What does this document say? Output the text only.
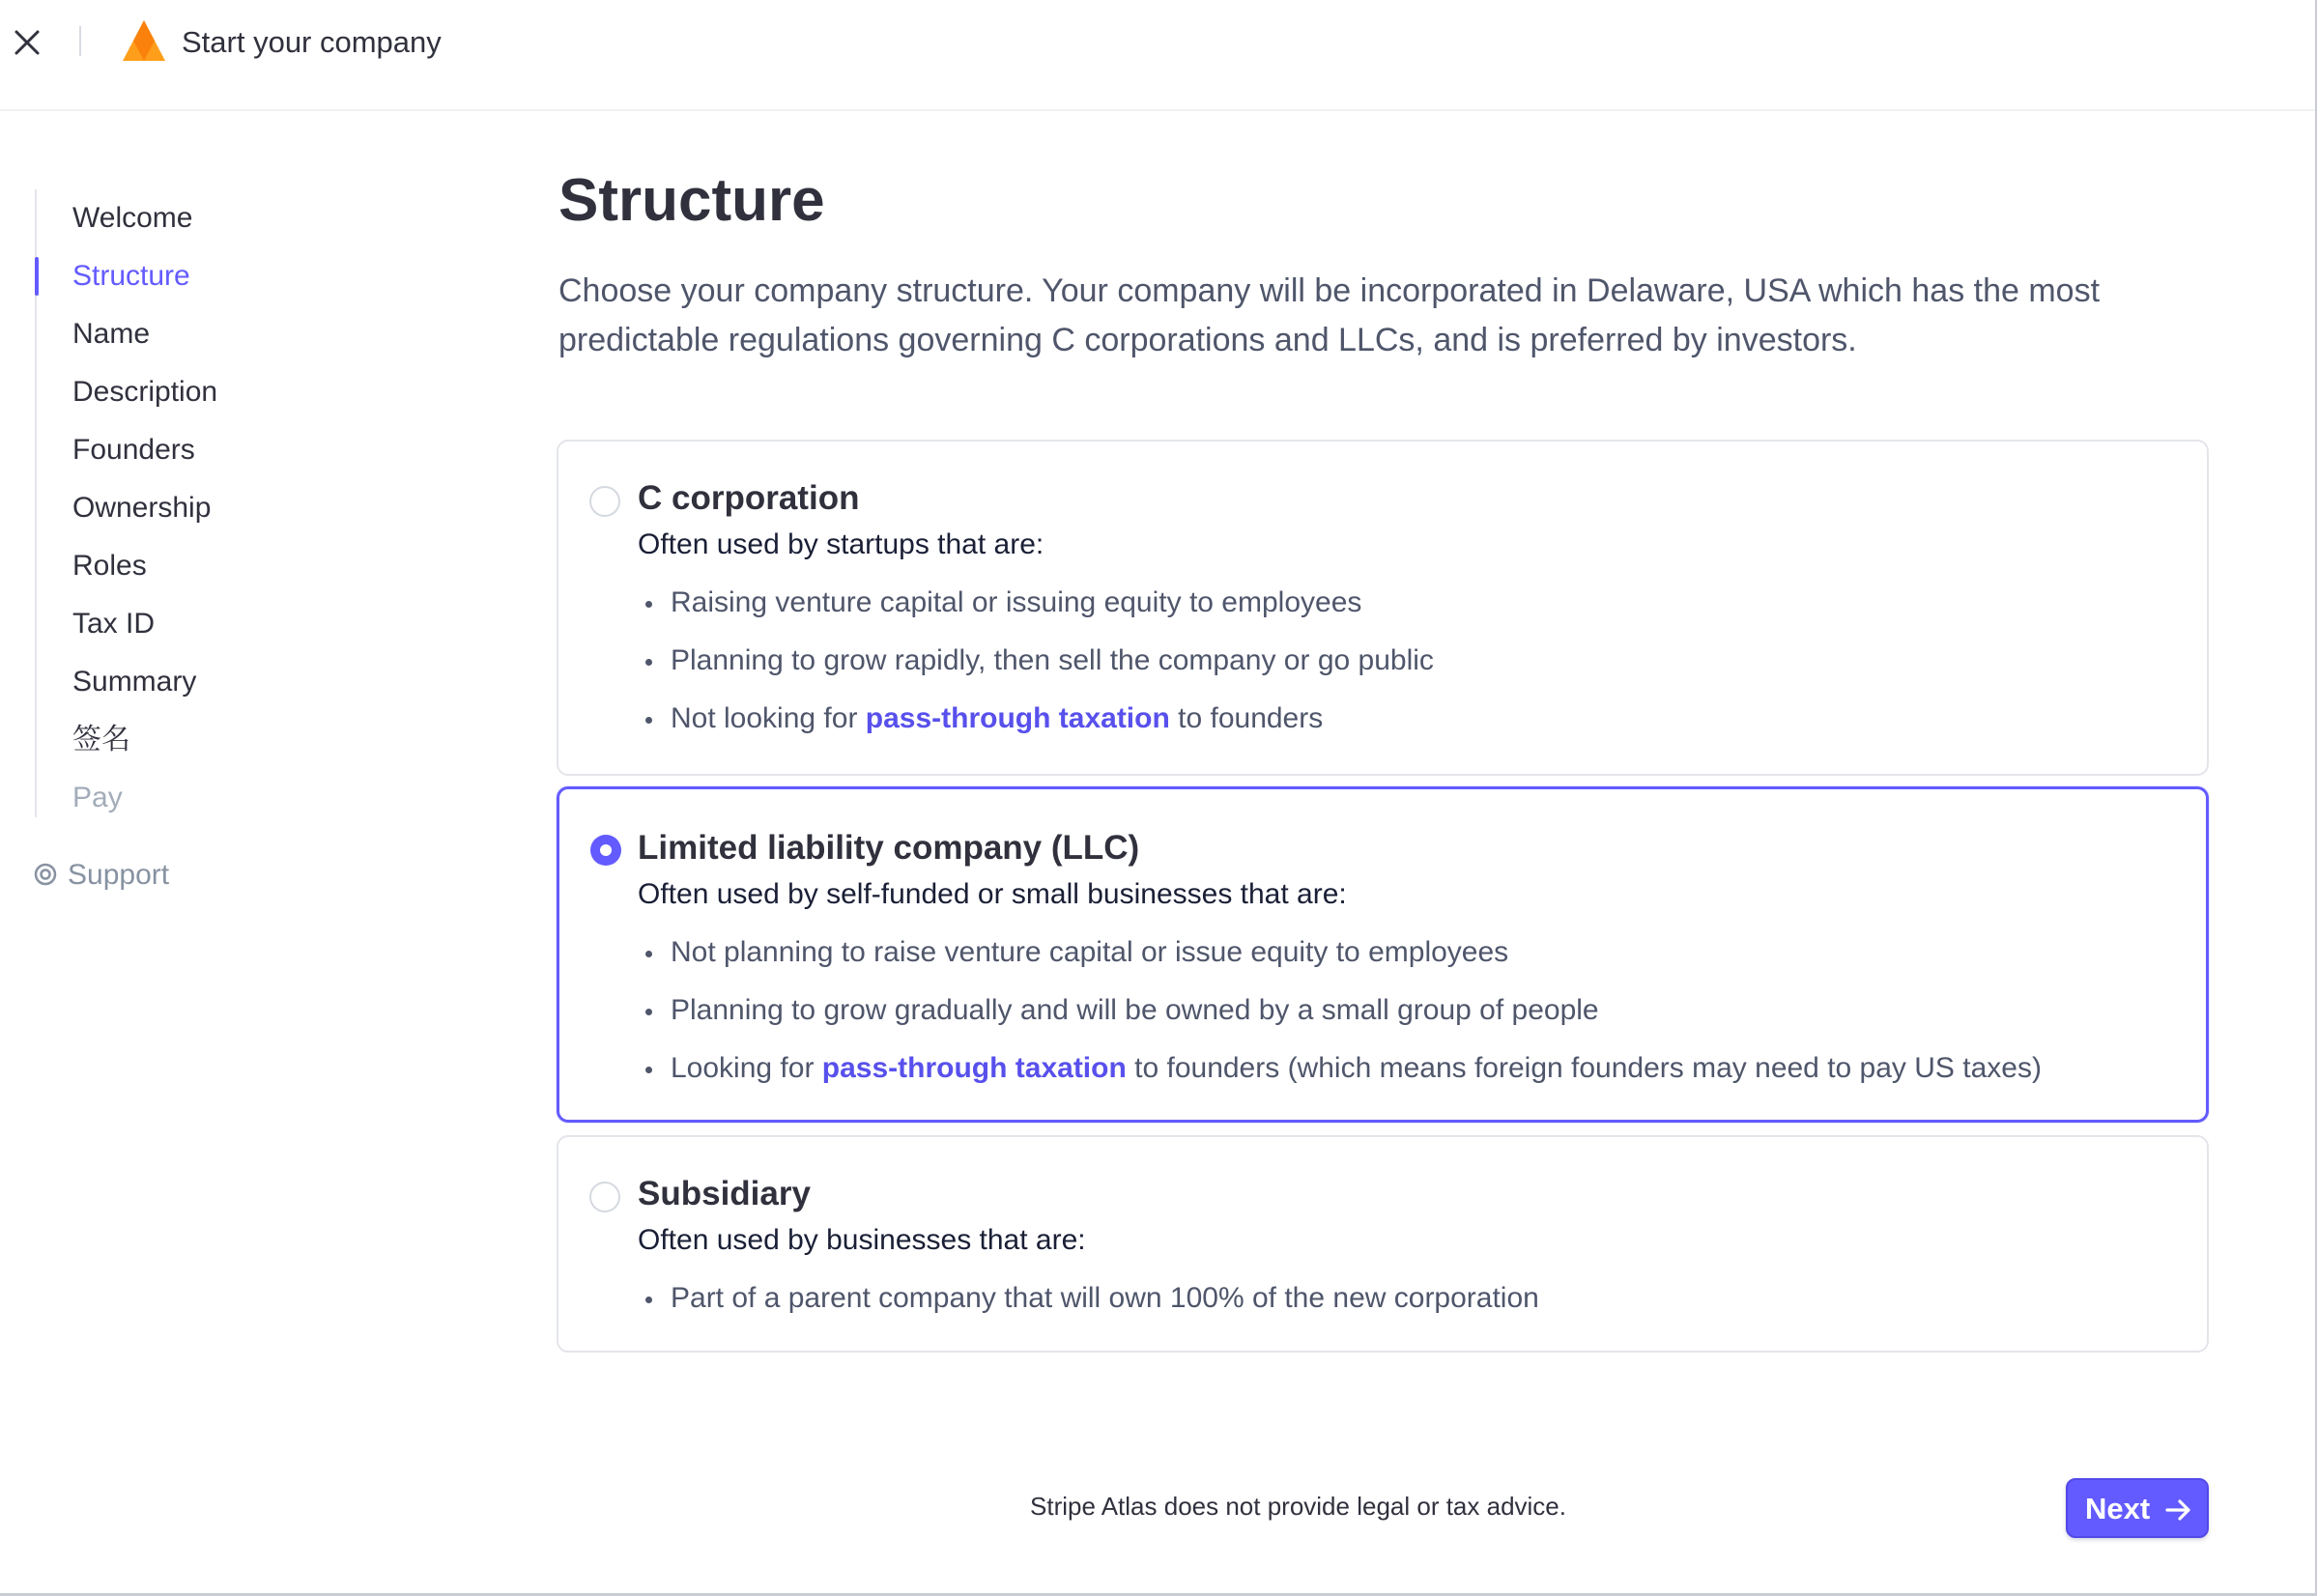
Start your company
Welcome
Structure
Name
Description
Founders
Ownership
Roles
Tax ID
Summary
签名
Pay
Support
Structure

Choose your company structure. Your company will be incorporated in Delaware, USA which has the most predictable regulations governing C corporations and LLCs, and is preferred by investors.

C corporation
Often used by startups that are:
Raising venture capital or issuing equity to employees
Planning to grow rapidly, then sell the company or go public
Not looking for pass-through taxation to founders
Limited liability company (LLC)
Often used by self-funded or small businesses that are:
Not planning to raise venture capital or issue equity to employees
Planning to grow gradually and will be owned by a small group of people
Looking for pass-through taxation to founders (which means foreign founders may need to pay US taxes)
Subsidiary
Often used by businesses that are:
Part of a parent company that will own 100% of the new corporation
Stripe Atlas does not provide legal or tax advice.	Next
